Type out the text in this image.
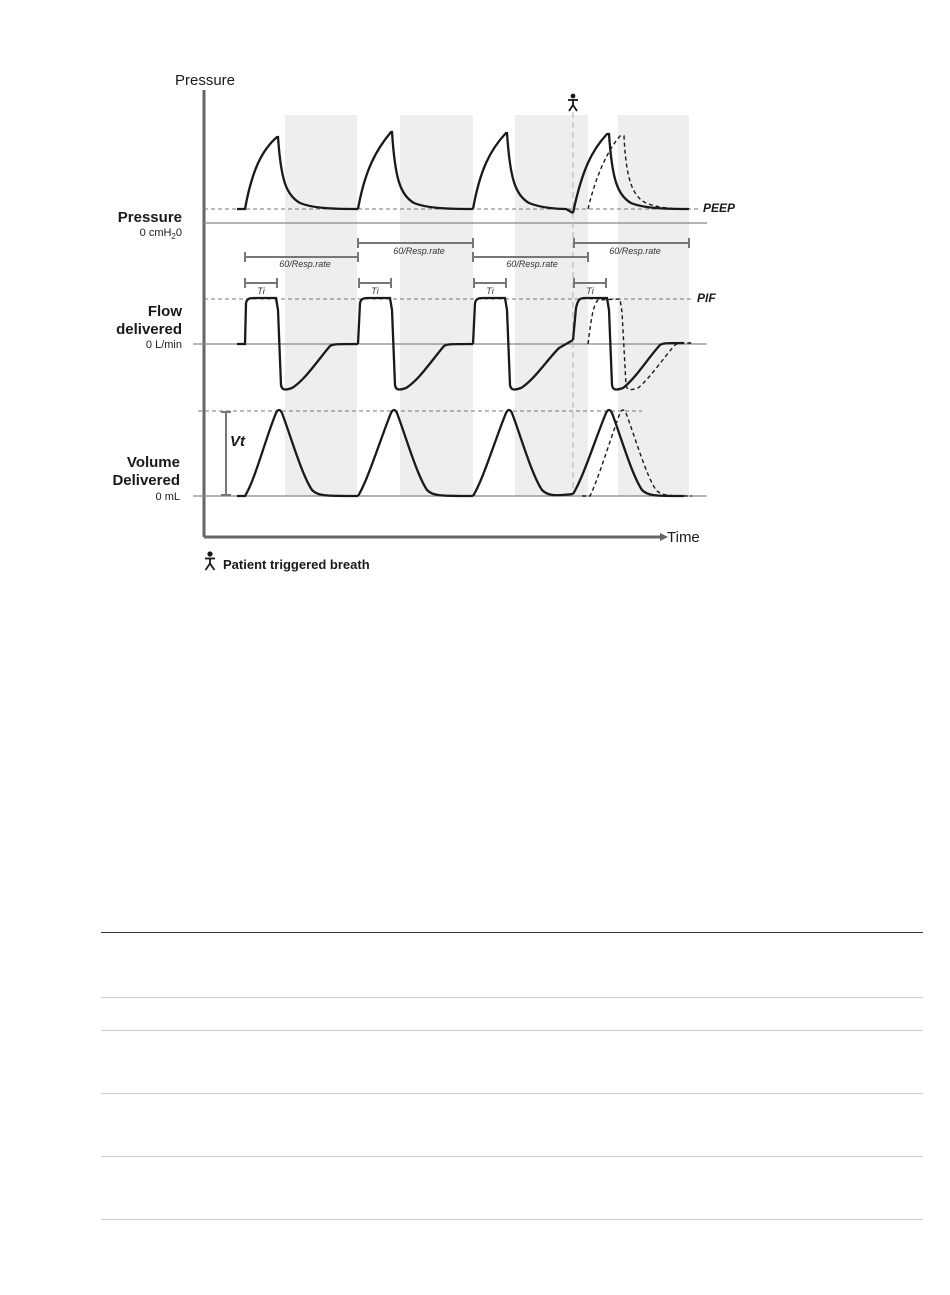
Pressure
Time
Pressure
0 cmH$_2$0
Flow
delivered
0 L/min
Volume
Delivered
0 mL
PEEP
PIF
Vt
60/Resp.rate
60/Resp.rate
60/Resp.rate
60/Resp.rate
Ti	Ti	Ti	Ti
Patient triggered breath
